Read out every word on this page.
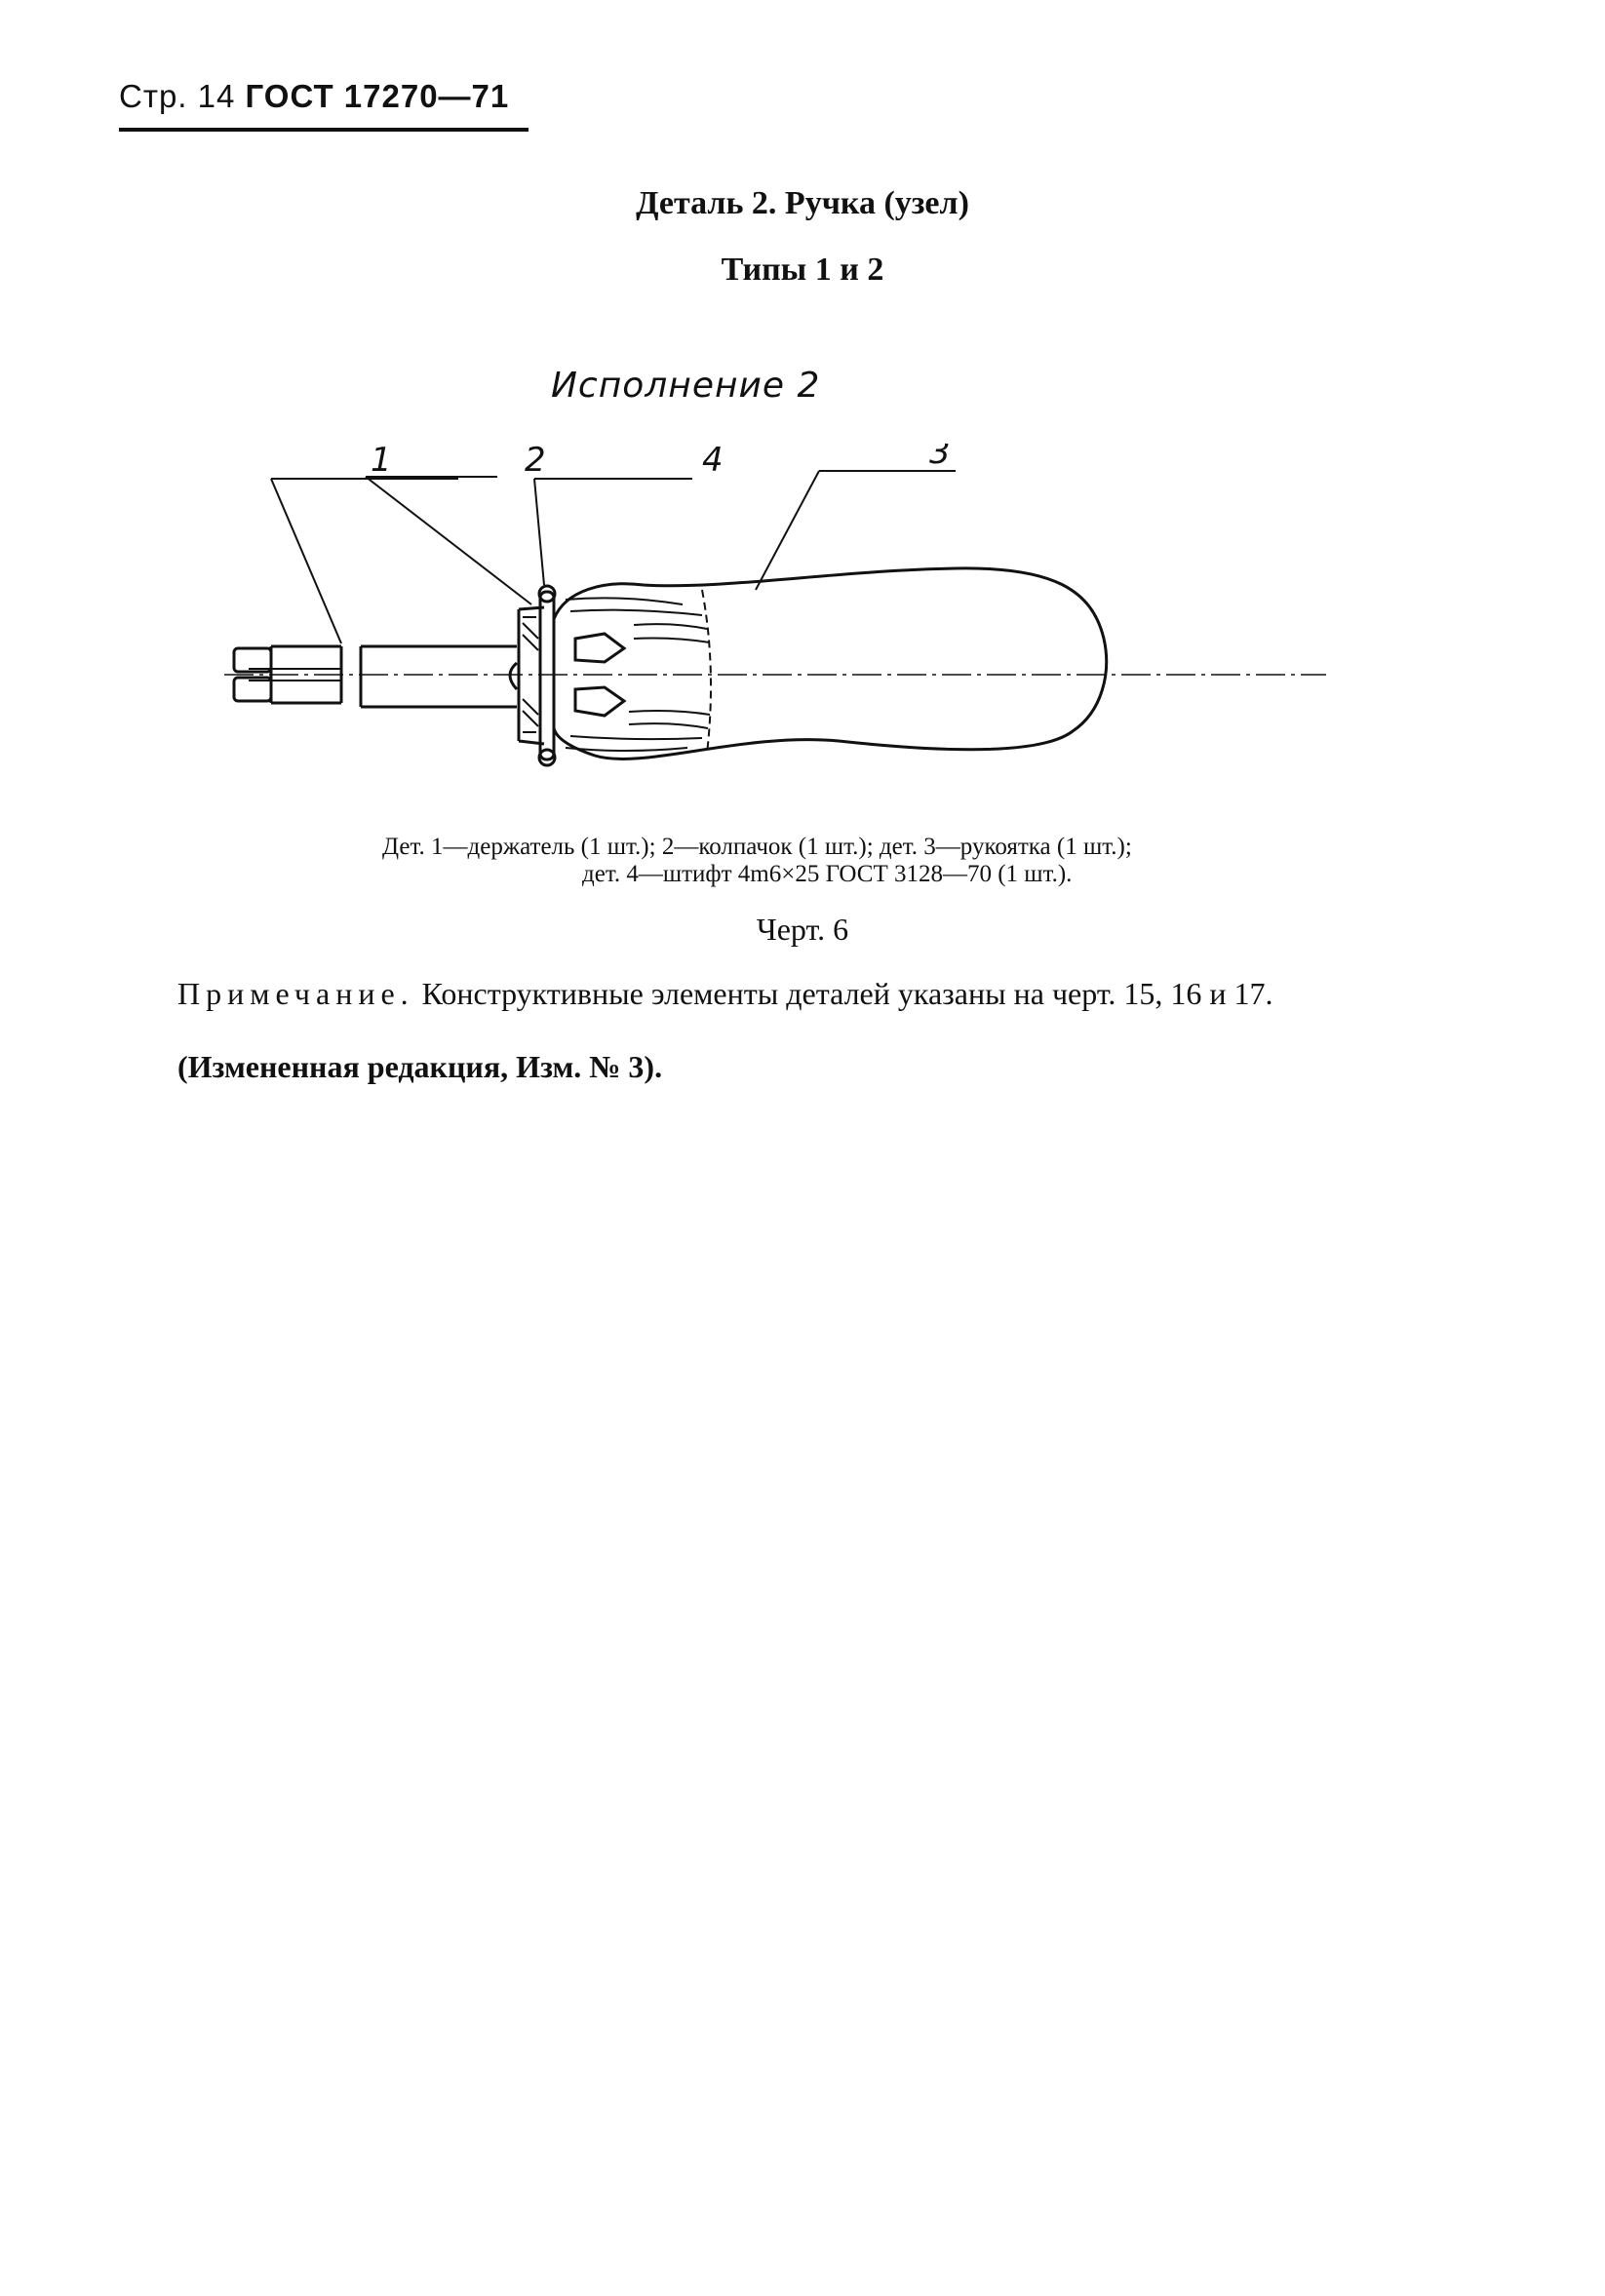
Стр. 14 ГОСТ 17270—71
Деталь 2. Ручка (узел)
Типы 1 и 2
Исполнение 2
1	2	4	3
Дет. 1—держатель (1 шт.); 2—колпачок (1 шт.); дет. 3—рукоятка (1 шт.);
дет. 4—штифт 4m6×25 ГОСТ 3128—70 (1 шт.).
Черт. 6
Примечание. Конструктивные элементы деталей указаны на черт. 15, 16 и 17.
(Измененная редакция, Изм. № 3).
